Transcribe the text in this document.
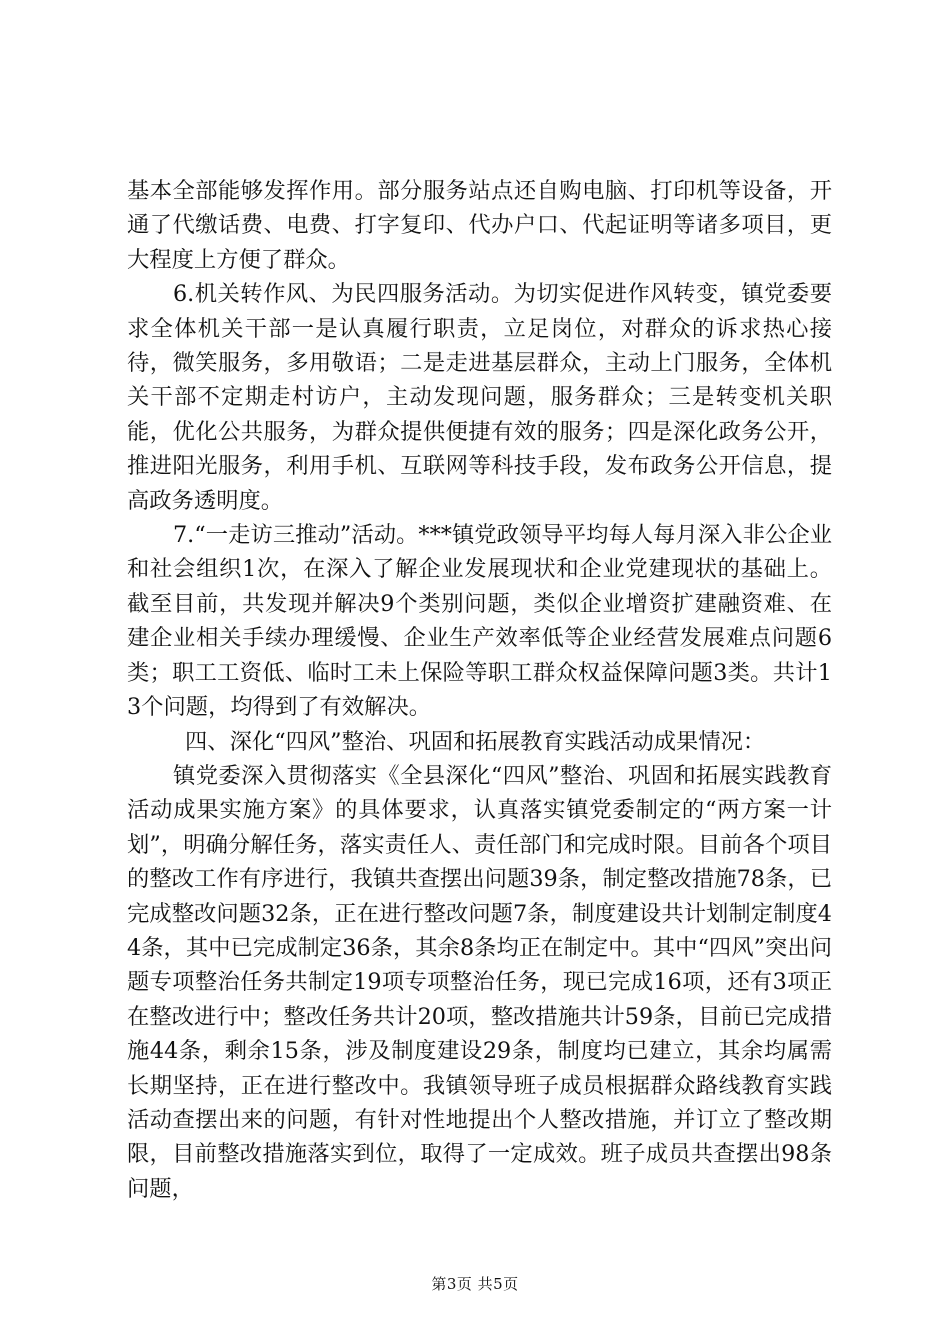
基本全部能够发挥作用。部分服务站点还自购电脑、打印机等设备，开通了代缴话费、电费、打字复印、代办户口、代起证明等诸多项目，更大程度上方便了群众。

6.机关转作风、为民四服务活动。为切实促进作风转变，镇党委要求全体机关干部一是认真履行职责，立足岗位，对群众的诉求热心接待，微笑服务，多用敬语；二是走进基层群众，主动上门服务，全体机关干部不定期走村访户，主动发现问题，服务群众；三是转变机关职能，优化公共服务，为群众提供便捷有效的服务；四是深化政务公开，推进阳光服务，利用手机、互联网等科技手段，发布政务公开信息，提高政务透明度。

7.“一走访三推动”活动。***镇党政领导平均每人每月深入非公企业和社会组织1次，在深入了解企业发展现状和企业党建现状的基础上。截至目前，共发现并解决9个类别问题，类似企业增资扩建融资难、在建企业相关手续办理缓慢、企业生产效率低等企业经营发展难点问题6类；职工工资低、临时工未上保险等职工群众权益保障问题3类。共计13个问题，均得到了有效解决。

四、深化“四风”整治、巩固和拓展教育实践活动成果情况：

镇党委深入贯彻落实《全县深化“四风”整治、巩固和拓展实践教育活动成果实施方案》的具体要求，认真落实镇党委制定的“两方案一计划”，明确分解任务，落实责任人、责任部门和完成时限。目前各个项目的整改工作有序进行，我镇共查摆出问题39条，制定整改措施78条，已完成整改问题32条，正在进行整改问题7条，制度建设共计划制定制度44条，其中已完成制定36条，其余8条均正在制定中。其中“四风”突出问题专项整治任务共制定19项专项整治任务，现已完成16项，还有3项正在整改进行中；整改任务共计20项，整改措施共计59条，目前已完成措施44条，剩余15条，涉及制度建设29条，制度均已建立，其余均属需长期坚持，正在进行整改中。我镇领导班子成员根据群众路线教育实践活动查摆出来的问题，有针对性地提出个人整改措施，并订立了整改期限，目前整改措施落实到位，取得了一定成效。班子成员共查摆出98条问题，

第3页 共5页
